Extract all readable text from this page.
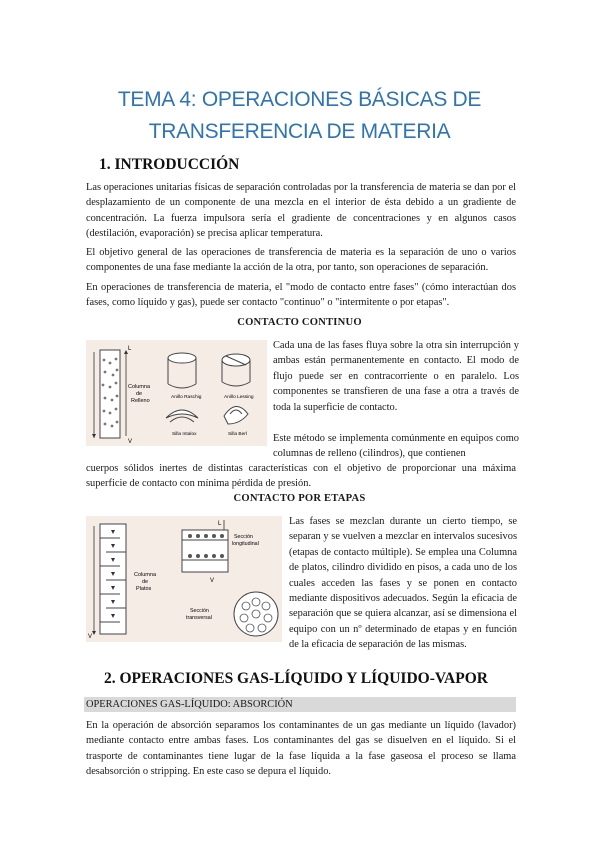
TEMA 4: OPERACIONES BÁSICAS DE
TRANSFERENCIA DE MATERIA
1. INTRODUCCIÓN

Las operaciones unitarias físicas de separación controladas por la transferencia de materia se dan por el desplazamiento de un componente de una mezcla en el interior de ésta debido a un gradiente de concentración. La fuerza impulsora sería el gradiente de concentraciones y en algunos casos (destilación, evaporación) se precisa aplicar temperatura.

El objetivo general de las operaciones de transferencia de materia es la separación de uno o varios componentes de una fase mediante la acción de la otra, por tanto, son operaciones de separación.

En operaciones de transferencia de materia, el "modo de contacto entre fases" (cómo interactúan dos fases, como líquido y gas), puede ser contacto "continuo" o "intermitente o por etapas".

CONTACTO CONTINUO
L
V
Columna
de
Relleno
Anillo Raschig	Anillo Lessing
Silla Intalox	Silla Berl

Cada una de las fases fluya sobre la otra sin interrupción y ambas están permanentemente en contacto. El modo de flujo puede ser en contracorriente o en paralelo. Los componentes se transfieren de una fase a otra a través de toda la superficie de contacto.

Este método se implementa comúnmente en equipos como columnas de relleno (cilindros), que contienen

cuerpos sólidos inertes de distintas características con el objetivo de proporcionar una máxima superficie de contacto con mínima pérdida de presión.

CONTACTO POR ETAPAS
V
Columna
de
Platos
L
V
Sección
longitudinal
Sección
transversal

Las fases se mezclan durante un cierto tiempo, se separan y se vuelven a mezclar en intervalos sucesivos (etapas de contacto múltiple). Se emplea una Columna de platos, cilindro dividido en pisos, a cada uno de los cuales acceden las fases y se ponen en contacto mediante dispositivos adecuados. Según la eficacia de separación que se quiera alcanzar, así se dimensiona el equipo con un nº determinado de etapas y en función de la eficacia de separación de las mismas.

2. OPERACIONES GAS-LÍQUIDO Y LÍQUIDO-VAPOR
OPERACIONES GAS-LÍQUIDO: ABSORCIÓN

En la operación de absorción separamos los contaminantes de un gas mediante un líquido (lavador) mediante contacto entre ambas fases. Los contaminantes del gas se disuelven en el líquido. Si el trasporte de contaminantes tiene lugar de la fase líquida a la fase gaseosa el proceso se llama desabsorción o stripping. En este caso se depura el líquido.
